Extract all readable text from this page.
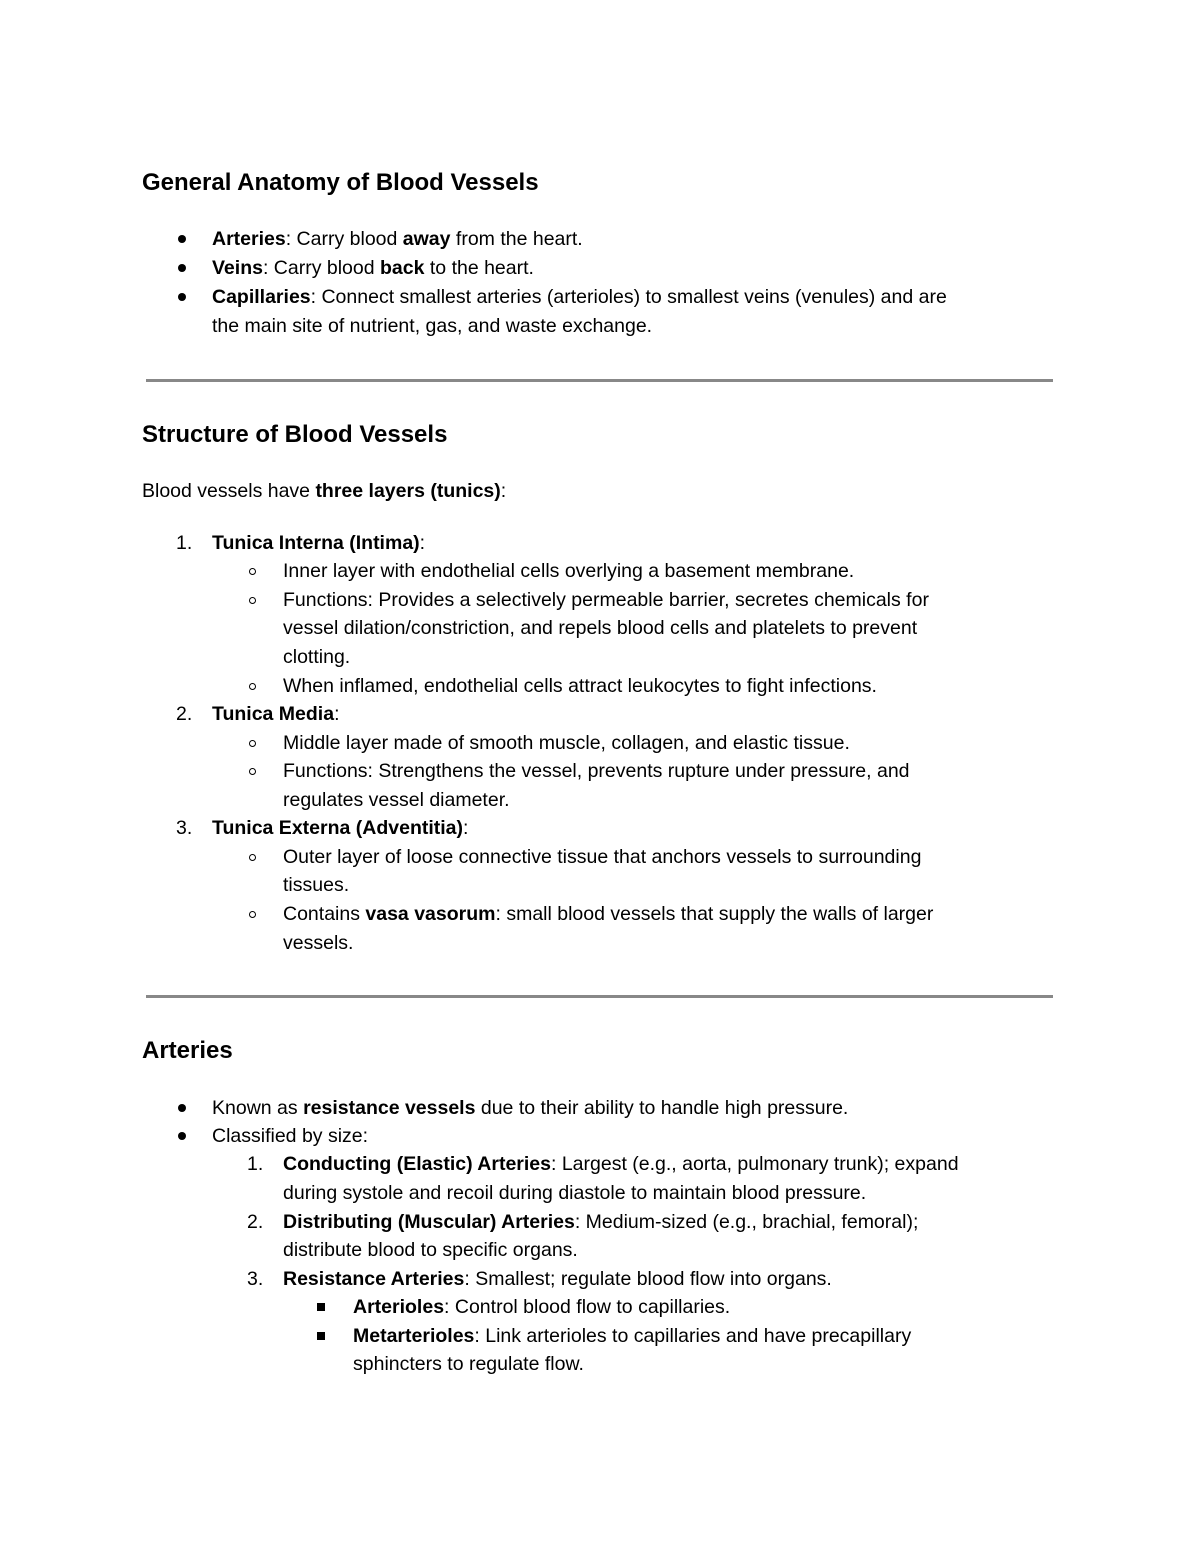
General Anatomy of Blood Vessels
Arteries: Carry blood away from the heart.
Veins: Carry blood back to the heart.
Capillaries: Connect smallest arteries (arterioles) to smallest veins (venules) and are
the main site of nutrient, gas, and waste exchange.
Structure of Blood Vessels
Blood vessels have three layers (tunics):
1. Tunica Interna (Intima):
Inner layer with endothelial cells overlying a basement membrane.
Functions: Provides a selectively permeable barrier, secretes chemicals for
vessel dilation/constriction, and repels blood cells and platelets to prevent
clotting.
When inflamed, endothelial cells attract leukocytes to fight infections.
2. Tunica Media:
Middle layer made of smooth muscle, collagen, and elastic tissue.
Functions: Strengthens the vessel, prevents rupture under pressure, and
regulates vessel diameter.
3. Tunica Externa (Adventitia):
Outer layer of loose connective tissue that anchors vessels to surrounding
tissues.
Contains vasa vasorum: small blood vessels that supply the walls of larger
vessels.
Arteries
Known as resistance vessels due to their ability to handle high pressure.
Classified by size:
1. Conducting (Elastic) Arteries: Largest (e.g., aorta, pulmonary trunk); expand
during systole and recoil during diastole to maintain blood pressure.
2. Distributing (Muscular) Arteries: Medium-sized (e.g., brachial, femoral);
distribute blood to specific organs.
3. Resistance Arteries: Smallest; regulate blood flow into organs.
Arterioles: Control blood flow to capillaries.
Metarterioles: Link arterioles to capillaries and have precapillary
sphincters to regulate flow.
